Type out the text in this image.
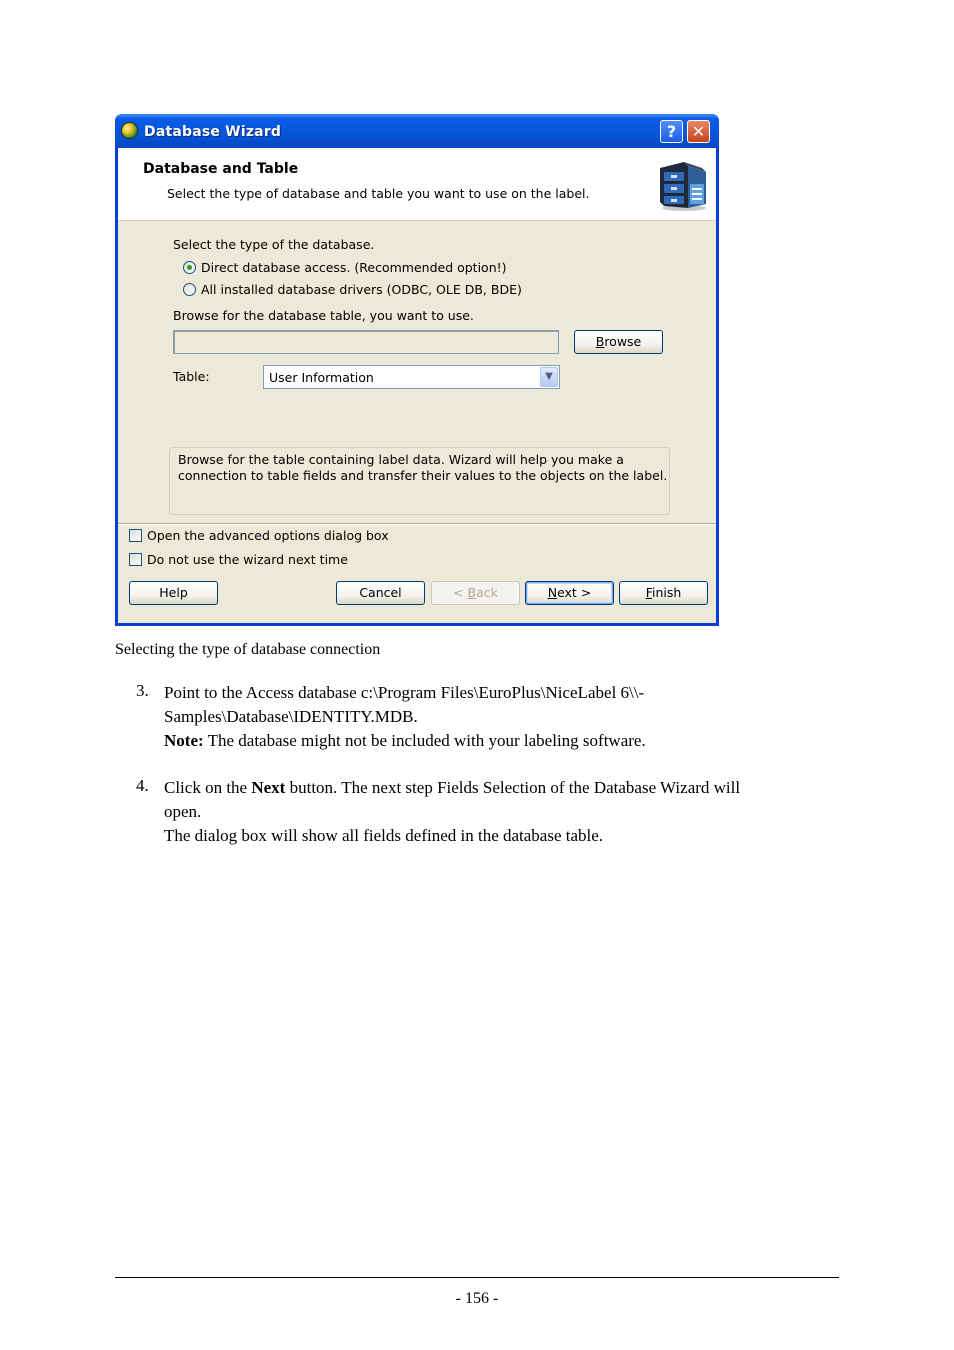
Database Wizard	? ✕
Database and Table
Select the type of database and table you want to use on the label.
Select the type of the database.
Direct database access. (Recommended option!)
All installed database drivers (ODBC, OLE DB, BDE)
Browse for the database table, you want to use.
Browse
Table:	User Information	▼
Browse for the table containing label data. Wizard will help you make a connection to table fields and transfer their values to the objects on the label.
Open the advanced options dialog box
Do not use the wizard next time
Help	Cancel	< Back	Next >	Finish
Selecting the type of database connection
3. Point to the Access database c:\Program Files\EuroPlus\NiceLabel 6\\-
Samples\Database\IDENTITY.MDB.
Note: The database might not be included with your labeling software.
4. Click on the Next button. The next step Fields Selection of the Database Wizard will
open.
The dialog box will show all fields defined in the database table.
- 156 -
